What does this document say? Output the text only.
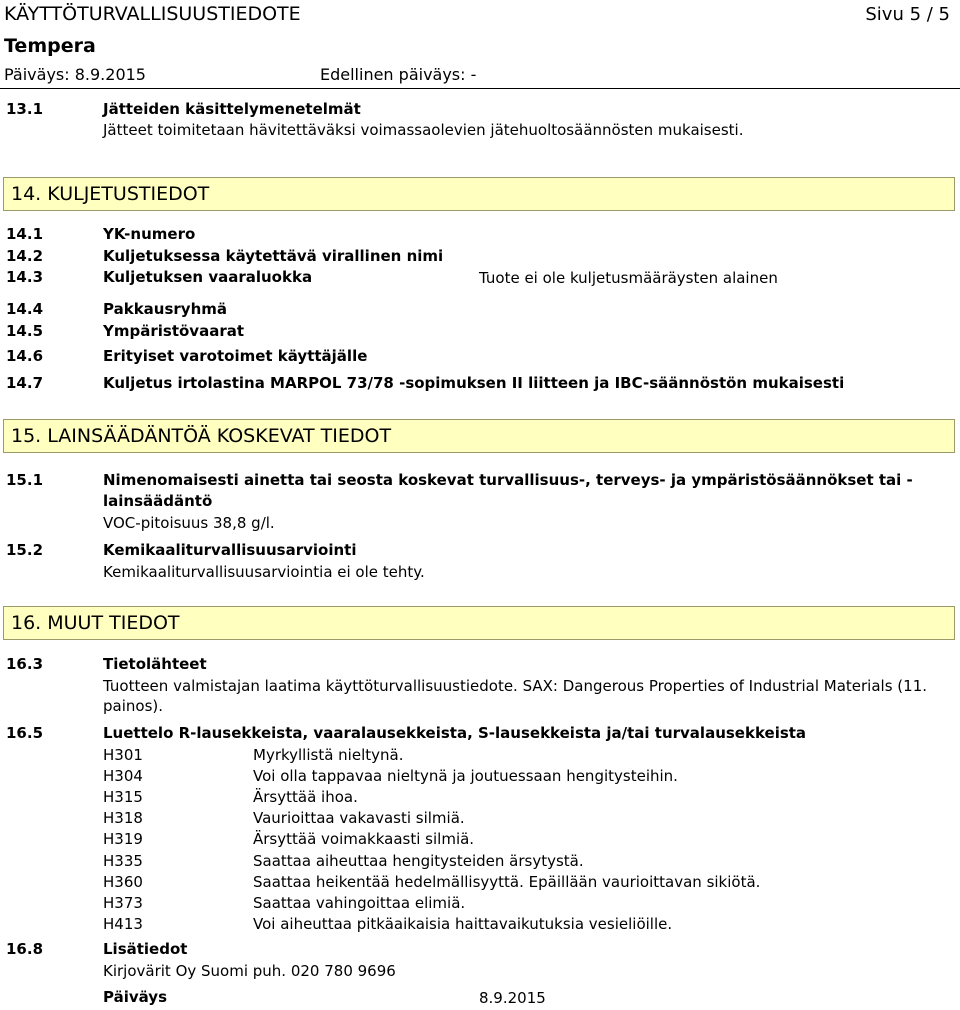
KÄYTTÖTURVALLISUUSTIEDOTE	Sivu 5 / 5
Tempera
Päiväys: 8.9.2015	Edellinen päiväys: -
13.1	Jätteiden käsittelymenetelmät
Jätteet toimitetaan hävitettäväksi voimassaolevien jätehuoltosäännösten mukaisesti.
14. KULJETUSTIEDOT
14.1	YK-numero
14.2	Kuljetuksessa käytettävä virallinen nimi
14.3	Kuljetuksen vaaraluokka	Tuote ei ole kuljetusmääräysten alainen
14.4	Pakkausryhmä
14.5	Ympäristövaarat
14.6	Erityiset varotoimet käyttäjälle
14.7	Kuljetus irtolastina MARPOL 73/78 -sopimuksen II liitteen ja IBC-säännöstön mukaisesti
15. LAINSÄÄDÄNTÖÄ KOSKEVAT TIEDOT
15.1	Nimenomaisesti ainetta tai seosta koskevat turvallisuus-, terveys- ja ympäristösäännökset tai -
lainsäädäntö
VOC-pitoisuus 38,8 g/l.
15.2	Kemikaaliturvallisuusarviointi
Kemikaaliturvallisuusarviointia ei ole tehty.
16. MUUT TIEDOT
16.3	Tietolähteet
Tuotteen valmistajan laatima käyttöturvallisuustiedote. SAX: Dangerous Properties of Industrial Materials (11.
painos).
16.5	Luettelo R-lausekkeista, vaaralausekkeista, S-lausekkeista ja/tai turvalausekkeista
H301	Myrkyllistä nieltynä.
H304	Voi olla tappavaa nieltynä ja joutuessaan hengitysteihin.
H315	Ärsyttää ihoa.
H318	Vaurioittaa vakavasti silmiä.
H319	Ärsyttää voimakkaasti silmiä.
H335	Saattaa aiheuttaa hengitysteiden ärsytystä.
H360	Saattaa heikentää hedelmällisyyttä. Epäillään vaurioittavan sikiötä.
H373	Saattaa vahingoittaa elimiä.
H413	Voi aiheuttaa pitkäaikaisia haittavaikutuksia vesieliöille.
16.8	Lisätiedot
Kirjovärit Oy Suomi puh. 020 780 9696
Päiväys	8.9.2015
